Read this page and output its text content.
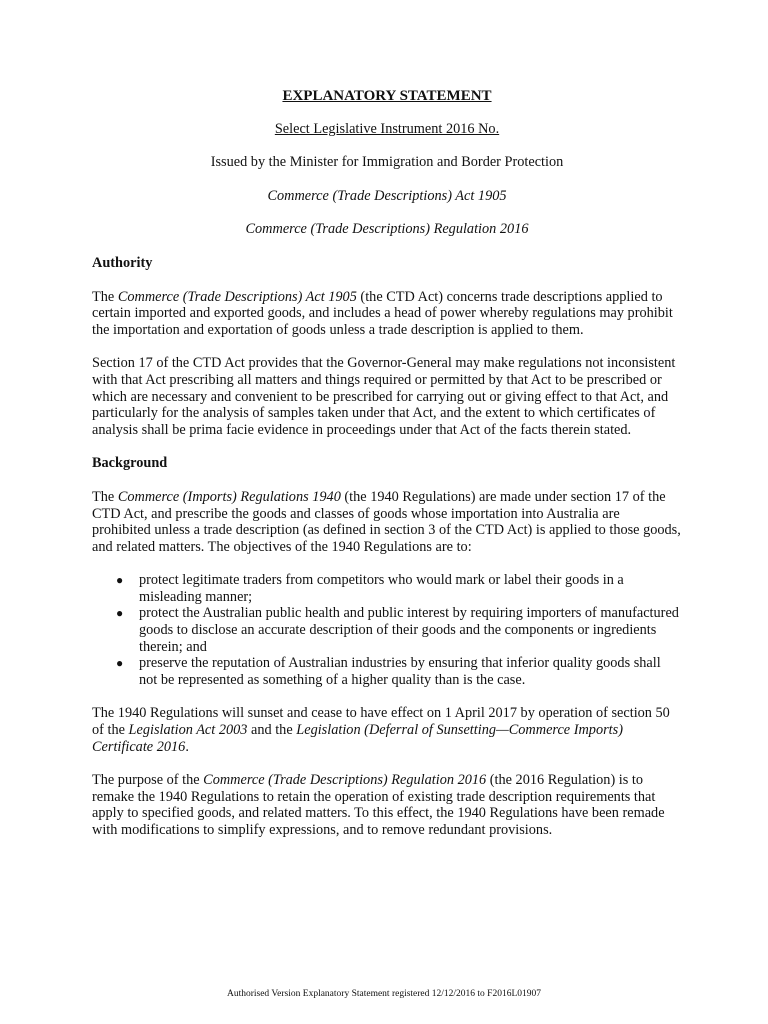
EXPLANATORY STATEMENT
Select Legislative Instrument 2016 No.
Issued by the Minister for Immigration and Border Protection
Commerce (Trade Descriptions) Act 1905
Commerce (Trade Descriptions) Regulation 2016
Authority

The Commerce (Trade Descriptions) Act 1905 (the CTD Act) concerns trade descriptions applied to certain imported and exported goods, and includes a head of power whereby regulations may prohibit the importation and exportation of goods unless a trade description is applied to them.

Section 17 of the CTD Act provides that the Governor-General may make regulations not inconsistent with that Act prescribing all matters and things required or permitted by that Act to be prescribed or which are necessary and convenient to be prescribed for carrying out or giving effect to that Act, and particularly for the analysis of samples taken under that Act, and the extent to which certificates of analysis shall be prima facie evidence in proceedings under that Act of the facts therein stated.

Background

The Commerce (Imports) Regulations 1940 (the 1940 Regulations) are made under section 17 of the CTD Act, and prescribe the goods and classes of goods whose importation into Australia are prohibited unless a trade description (as defined in section 3 of the CTD Act) is applied to those goods, and related matters. The objectives of the 1940 Regulations are to:

● protect legitimate traders from competitors who would mark or label their goods in a misleading manner;
● protect the Australian public health and public interest by requiring importers of manufactured goods to disclose an accurate description of their goods and the components or ingredients therein; and
● preserve the reputation of Australian industries by ensuring that inferior quality goods shall not be represented as something of a higher quality than is the case.

The 1940 Regulations will sunset and cease to have effect on 1 April 2017 by operation of section 50 of the Legislation Act 2003 and the Legislation (Deferral of Sunsetting—Commerce Imports) Certificate 2016.

The purpose of the Commerce (Trade Descriptions) Regulation 2016 (the 2016 Regulation) is to remake the 1940 Regulations to retain the operation of existing trade description requirements that apply to specified goods, and related matters. To this effect, the 1940 Regulations have been remade with modifications to simplify expressions, and to remove redundant provisions.

Authorised Version Explanatory Statement registered 12/12/2016 to F2016L01907
